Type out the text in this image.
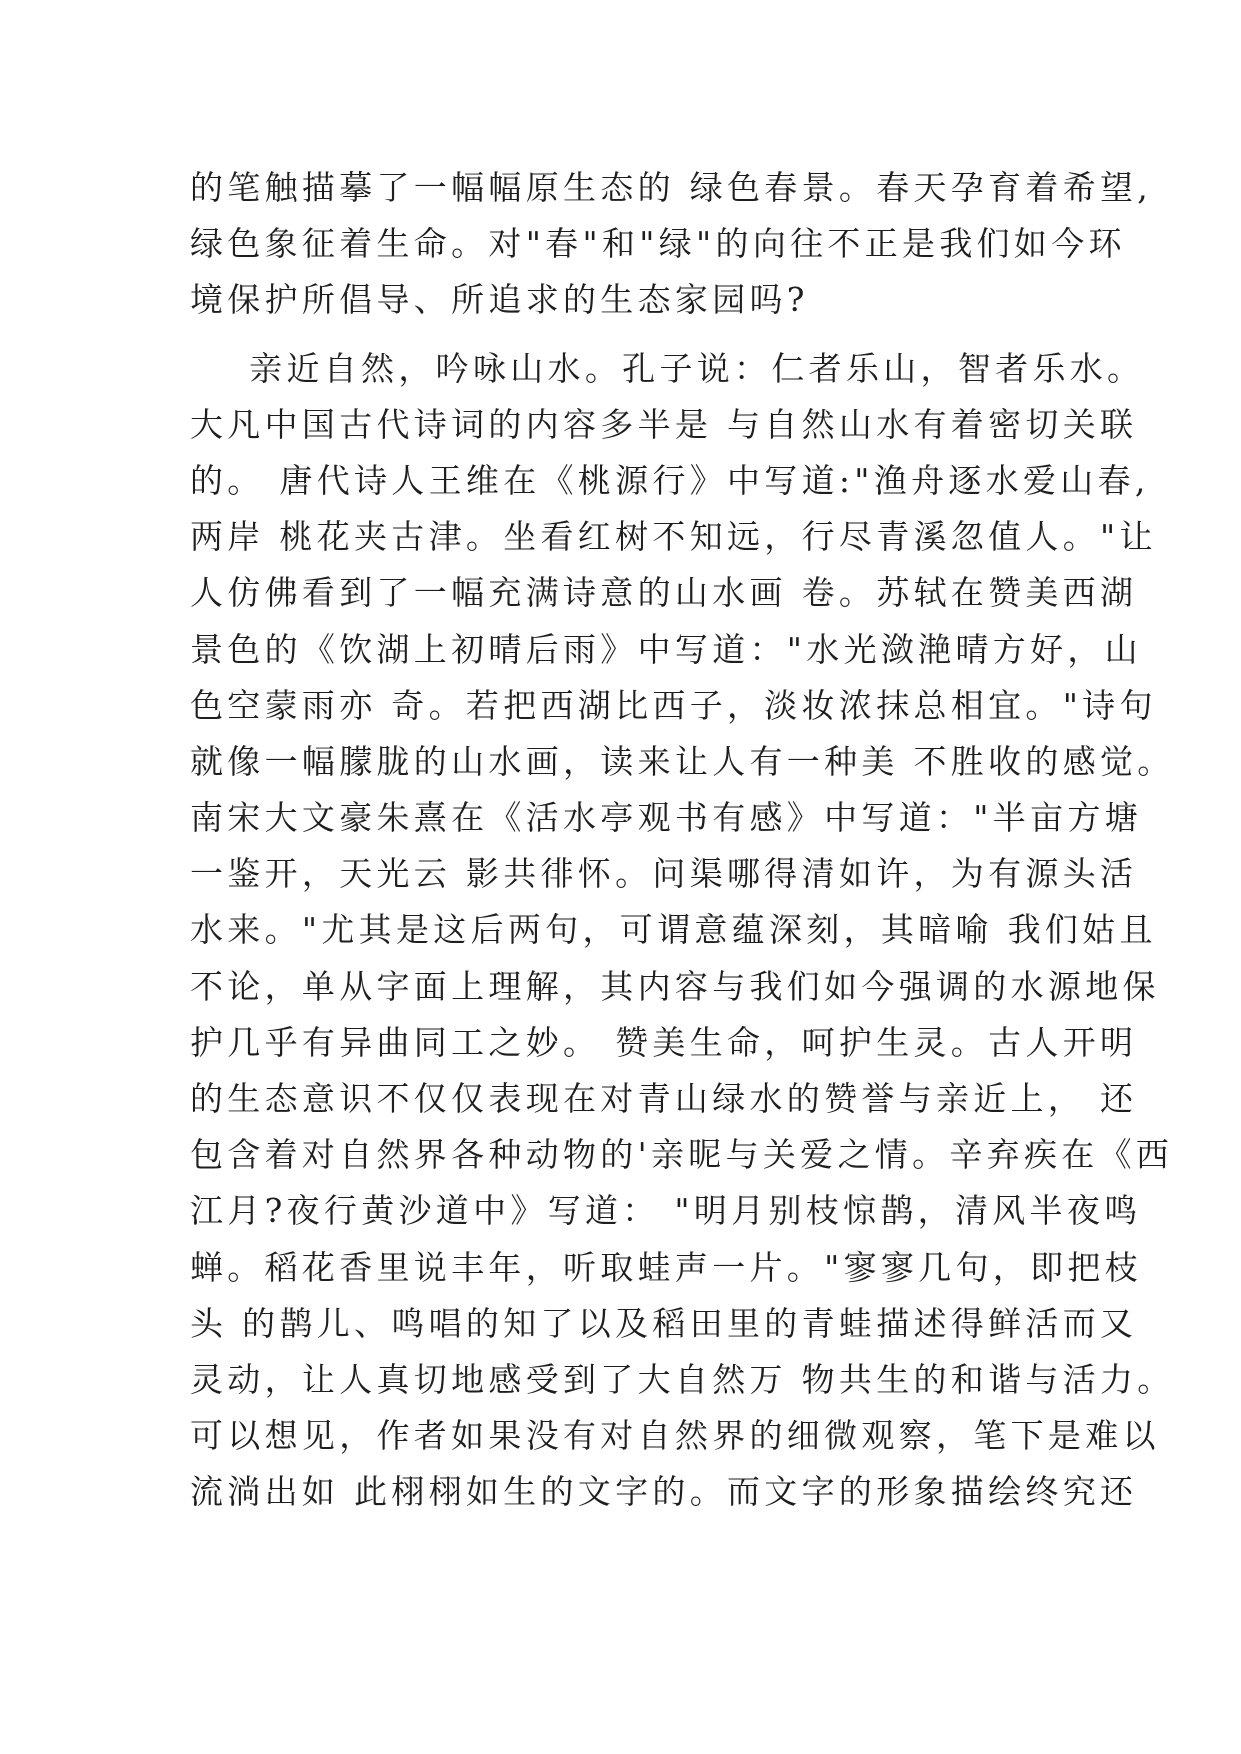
的笔触描摹了一幅幅原生态的 绿色春景。春天孕育着希望,
绿色象征着生命。对"春"和"绿"的向往不正是我们如今环
境保护所倡导、所追求的生态家园吗?
亲近自然，吟咏山水。孔子说：仁者乐山，智者乐水。
大凡中国古代诗词的内容多半是 与自然山水有着密切关联
的。 唐代诗人王维在《桃源行》中写道:"渔舟逐水爱山春,
两岸 桃花夹古津。坐看红树不知远，行尽青溪忽值人。"让
人仿佛看到了一幅充满诗意的山水画 卷。苏轼在赞美西湖
景色的《饮湖上初晴后雨》中写道："水光潋滟晴方好，山
色空蒙雨亦 奇。若把西湖比西子，淡妆浓抹总相宜。"诗句
就像一幅朦胧的山水画，读来让人有一种美 不胜收的感觉。
南宋大文豪朱熹在《活水亭观书有感》中写道："半亩方塘
一鉴开，天光云 影共徘怀。问渠哪得清如许，为有源头活
水来。"尤其是这后两句，可谓意蕴深刻，其暗喻 我们姑且
不论，单从字面上理解，其内容与我们如今强调的水源地保
护几乎有异曲同工之妙。 赞美生命，呵护生灵。古人开明
的生态意识不仅仅表现在对青山绿水的赞誉与亲近上， 还
包含着对自然界各种动物的'亲昵与关爱之情。辛弃疾在《西
江月?夜行黄沙道中》写道： "明月别枝惊鹊，清风半夜鸣
蝉。稻花香里说丰年，听取蛙声一片。"寥寥几句，即把枝
头 的鹊儿、鸣唱的知了以及稻田里的青蛙描述得鲜活而又
灵动，让人真切地感受到了大自然万 物共生的和谐与活力。
可以想见，作者如果没有对自然界的细微观察，笔下是难以
流淌出如 此栩栩如生的文字的。而文字的形象描绘终究还
